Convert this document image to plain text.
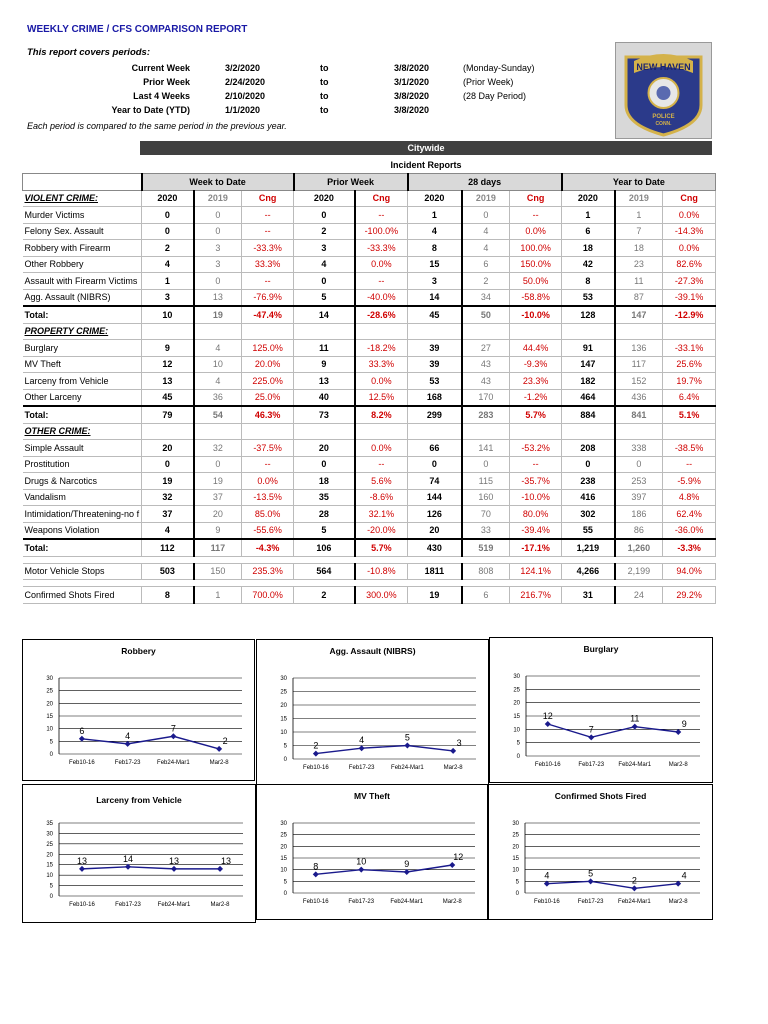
WEEKLY CRIME / CFS COMPARISON REPORT
This report covers periods:
Current Week	3/2/2020	to	3/8/2020	(Monday-Sunday)
Prior Week	2/24/2020	to	3/1/2020	(Prior Week)
Last 4 Weeks	2/10/2020	to	3/8/2020	(28 Day Period)
Year to Date (YTD)	1/1/2020	to	3/8/2020
Each period is compared to the same period in the previous year.
NEW HAVEN
POLICE
CONN.
Citywide
Incident Reports
	Week to Date			Prior Week		28 days			Year to Date		
VIOLENT CRIME:	2020	2019	Cng	2020	Cng	2020	2019	Cng	2020	2019	Cng
Murder Victims	0	0	--	0	--	1	0	--	1	1	0.0%
Felony Sex. Assault	0	0	--	2	-100.0%	4	4	0.0%	6	7	-14.3%
Robbery with Firearm	2	3	-33.3%	3	-33.3%	8	4	100.0%	18	18	0.0%
Other Robbery	4	3	33.3%	4	0.0%	15	6	150.0%	42	23	82.6%
Assault with Firearm Victims	1	0	--	0	--	3	2	50.0%	8	11	-27.3%
Agg. Assault (NIBRS)	3	13	-76.9%	5	-40.0%	14	34	-58.8%	53	87	-39.1%
Total:	10	19	-47.4%	14	-28.6%	45	50	-10.0%	128	147	-12.9%
PROPERTY CRIME:											
Burglary	9	4	125.0%	11	-18.2%	39	27	44.4%	91	136	-33.1%
MV Theft	12	10	20.0%	9	33.3%	39	43	-9.3%	147	117	25.6%
Larceny from Vehicle	13	4	225.0%	13	0.0%	53	43	23.3%	182	152	19.7%
Other Larceny	45	36	25.0%	40	12.5%	168	170	-1.2%	464	436	6.4%
Total:	79	54	46.3%	73	8.2%	299	283	5.7%	884	841	5.1%
OTHER CRIME:											
Simple Assault	20	32	-37.5%	20	0.0%	66	141	-53.2%	208	338	-38.5%
Prostitution	0	0	--	0	--	0	0	--	0	0	--
Drugs & Narcotics	19	19	0.0%	18	5.6%	74	115	-35.7%	238	253	-5.9%
Vandalism	32	37	-13.5%	35	-8.6%	144	160	-10.0%	416	397	4.8%
Intimidation/Threatening-no f	37	20	85.0%	28	32.1%	126	70	80.0%	302	186	62.4%
Weapons Violation	4	9	-55.6%	5	-20.0%	20	33	-39.4%	55	86	-36.0%
Total:	112	117	-4.3%	106	5.7%	430	519	-17.1%	1,219	1,260	-3.3%

Motor Vehicle Stops	503	150	235.3%	564	-10.8%	1811	808	124.1%	4,266	2,199	94.0%

Confirmed Shots Fired	8	1	700.0%	2	300.0%	19	6	216.7%	31	24	29.2%
Robbery
0
5
10
15
20
25
30
Feb10-16	Feb17-23	Feb24-Mar1	Mar2-8
6
4
7
2
Agg. Assault (NIBRS)
0
5
10
15
20
25
30
Feb10-16	Feb17-23	Feb24-Mar1	Mar2-8
2
4	5
3
Burglary
0
5
10
15
20
25
30
Feb10-16	Feb17-23 Feb24-Mar1	Mar2-8
12
7
11
9
Larceny from Vehicle
0
5
10
15
20
25
30
35
Feb10-16	Feb17-23	Feb24-Mar1	Mar2-8
13	14	13	13
MV Theft
0
5
10
15
20
25
30
Feb10-16	Feb17-23	Feb24-Mar1	Mar2-8
8	10	9
12
Confirmed Shots Fired
0
5
10
15
20
25
30
Feb10-16	Feb17-23 Feb24-Mar1	Mar2-8
4	5
2	4
